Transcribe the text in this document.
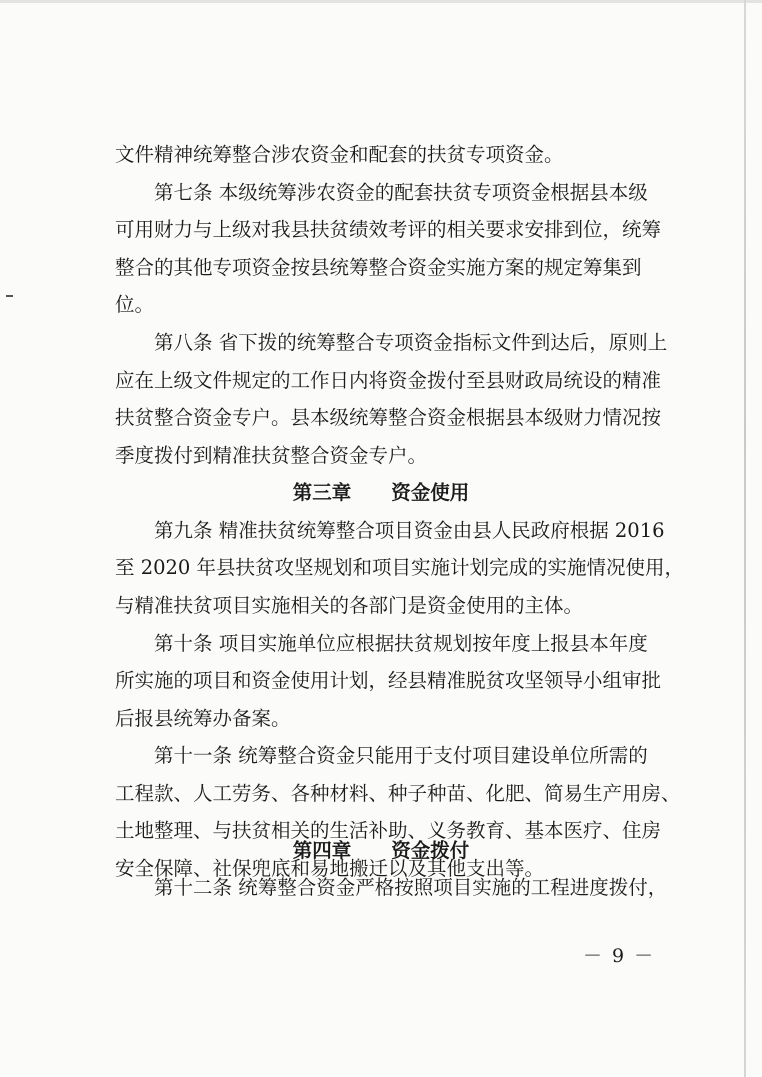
文件精神统筹整合涉农资金和配套的扶贫专项资金。
第七条 本级统筹涉农资金的配套扶贫专项资金根据县本级
可用财力与上级对我县扶贫绩效考评的相关要求安排到位，统筹
整合的其他专项资金按县统筹整合资金实施方案的规定筹集到
位。
第八条 省下拨的统筹整合专项资金指标文件到达后，原则上
应在上级文件规定的工作日内将资金拨付至县财政局统设的精准
扶贫整合资金专户。县本级统筹整合资金根据县本级财力情况按
季度拨付到精准扶贫整合资金专户。
第三章 资金使用
第九条 精准扶贫统筹整合项目资金由县人民政府根据 2016
至 2020 年县扶贫攻坚规划和项目实施计划完成的实施情况使用，
与精准扶贫项目实施相关的各部门是资金使用的主体。
第十条 项目实施单位应根据扶贫规划按年度上报县本年度
所实施的项目和资金使用计划，经县精准脱贫攻坚领导小组审批
后报县统筹办备案。
第十一条 统筹整合资金只能用于支付项目建设单位所需的
工程款、人工劳务、各种材料、种子种苗、化肥、简易生产用房、
土地整理、与扶贫相关的生活补助、义务教育、基本医疗、住房
安全保障、社保兜底和易地搬迁以及其他支出等。
第四章 资金拨付
第十二条 统筹整合资金严格按照项目实施的工程进度拨付，
－ 9 －
